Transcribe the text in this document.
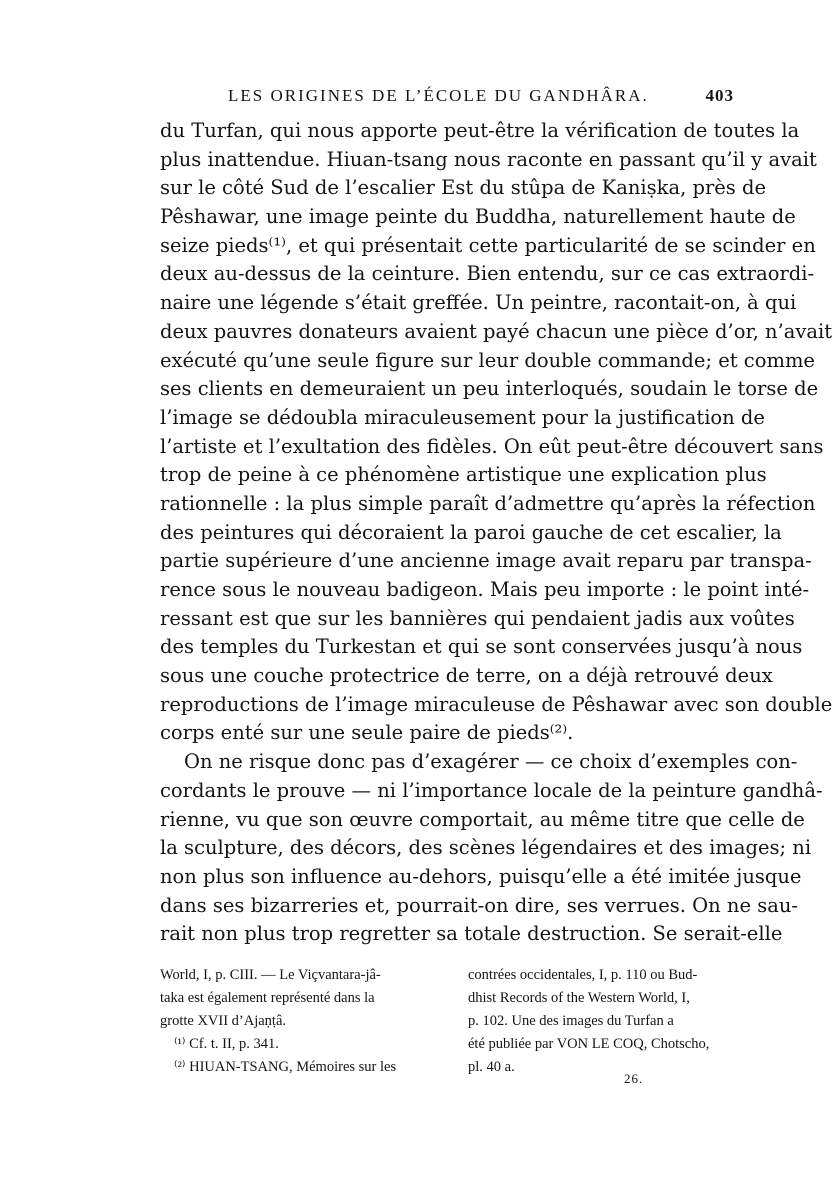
LES ORIGINES DE L’ÉCOLE DU GANDHÂRA.	403
du Turfan, qui nous apporte peut-être la vérification de toutes la
plus inattendue. Hiuan-tsang nous raconte en passant qu’il y avait
sur le côté Sud de l’escalier Est du stûpa de Kaniṣka, près de
Pêshawar, une image peinte du Buddha, naturellement haute de
seize pieds⁽¹⁾, et qui présentait cette particularité de se scinder en
deux au-dessus de la ceinture. Bien entendu, sur ce cas extraordi-
naire une légende s’était greffée. Un peintre, racontait-on, à qui
deux pauvres donateurs avaient payé chacun une pièce d’or, n’avait
exécuté qu’une seule figure sur leur double commande; et comme
ses clients en demeuraient un peu interloqués, soudain le torse de
l’image se dédoubla miraculeusement pour la justification de
l’artiste et l’exultation des fidèles. On eût peut-être découvert sans
trop de peine à ce phénomène artistique une explication plus
rationnelle : la plus simple paraît d’admettre qu’après la réfection
des peintures qui décoraient la paroi gauche de cet escalier, la
partie supérieure d’une ancienne image avait reparu par transpa-
rence sous le nouveau badigeon. Mais peu importe : le point inté-
ressant est que sur les bannières qui pendaient jadis aux voûtes
des temples du Turkestan et qui se sont conservées jusqu’à nous
sous une couche protectrice de terre, on a déjà retrouvé deux
reproductions de l’image miraculeuse de Pêshawar avec son double
corps enté sur une seule paire de pieds⁽²⁾.
On ne risque donc pas d’exagérer — ce choix d’exemples con-
cordants le prouve — ni l’importance locale de la peinture gandhâ-
rienne, vu que son œuvre comportait, au même titre que celle de
la sculpture, des décors, des scènes légendaires et des images; ni
non plus son influence au-dehors, puisqu’elle a été imitée jusque
dans ses bizarreries et, pourrait-on dire, ses verrues. On ne sau-
rait non plus trop regretter sa totale destruction. Se serait-elle
World, I, p. CIII. — Le Viçvantara-jâ-
taka est également représenté dans la
grotte XVII d’Ajaṇṭâ.
⁽¹⁾ Cf. t. II, p. 341.
⁽²⁾ HIUAN-TSANG, Mémoires sur les
contrées occidentales, I, p. 110 ou Bud-
dhist Records of the Western World, I,
p. 102. Une des images du Turfan a
été publiée par VON LE COQ, Chotscho,
pl. 40 a.
26.
